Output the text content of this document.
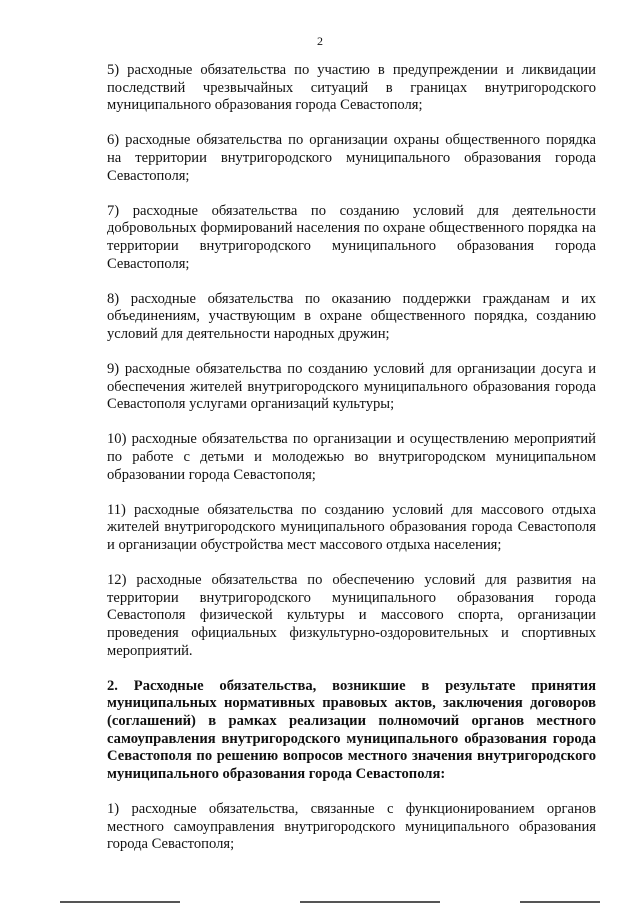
2

5) расходные обязательства по участию в предупреждении и ликвидации последствий чрезвычайных ситуаций в границах внутригородского муниципального образования города Севастополя;

6) расходные обязательства по организации охраны общественного порядка на территории внутригородского муниципального образования города Севастополя;

7) расходные обязательства по созданию условий для деятельности добровольных формирований населения по охране общественного порядка на территории внутригородского муниципального образования города Севастополя;

8) расходные обязательства по оказанию поддержки гражданам и их объединениям, участвующим в охране общественного порядка, созданию условий для деятельности народных дружин;

9) расходные обязательства по созданию условий для организации досуга и обеспечения жителей внутригородского муниципального образования города Севастополя услугами организаций культуры;

10) расходные обязательства по организации и осуществлению мероприятий по работе с детьми и молодежью во внутригородском муниципальном образовании города Севастополя;

11) расходные обязательства по созданию условий для массового отдыха жителей внутригородского муниципального образования города Севастополя и организации обустройства мест массового отдыха населения;

12) расходные обязательства по обеспечению условий для развития на территории внутригородского муниципального образования города Севастополя физической культуры и массового спорта, организации проведения официальных физкультурно-оздоровительных и спортивных мероприятий.

2. Расходные обязательства, возникшие в результате принятия муниципальных нормативных правовых актов, заключения договоров (соглашений) в рамках реализации полномочий органов местного самоуправления внутригородского муниципального образования города Севастополя по решению вопросов местного значения внутригородского муниципального образования города Севастополя:

1) расходные обязательства, связанные с функционированием органов местного самоуправления внутригородского муниципального образования города Севастополя;
